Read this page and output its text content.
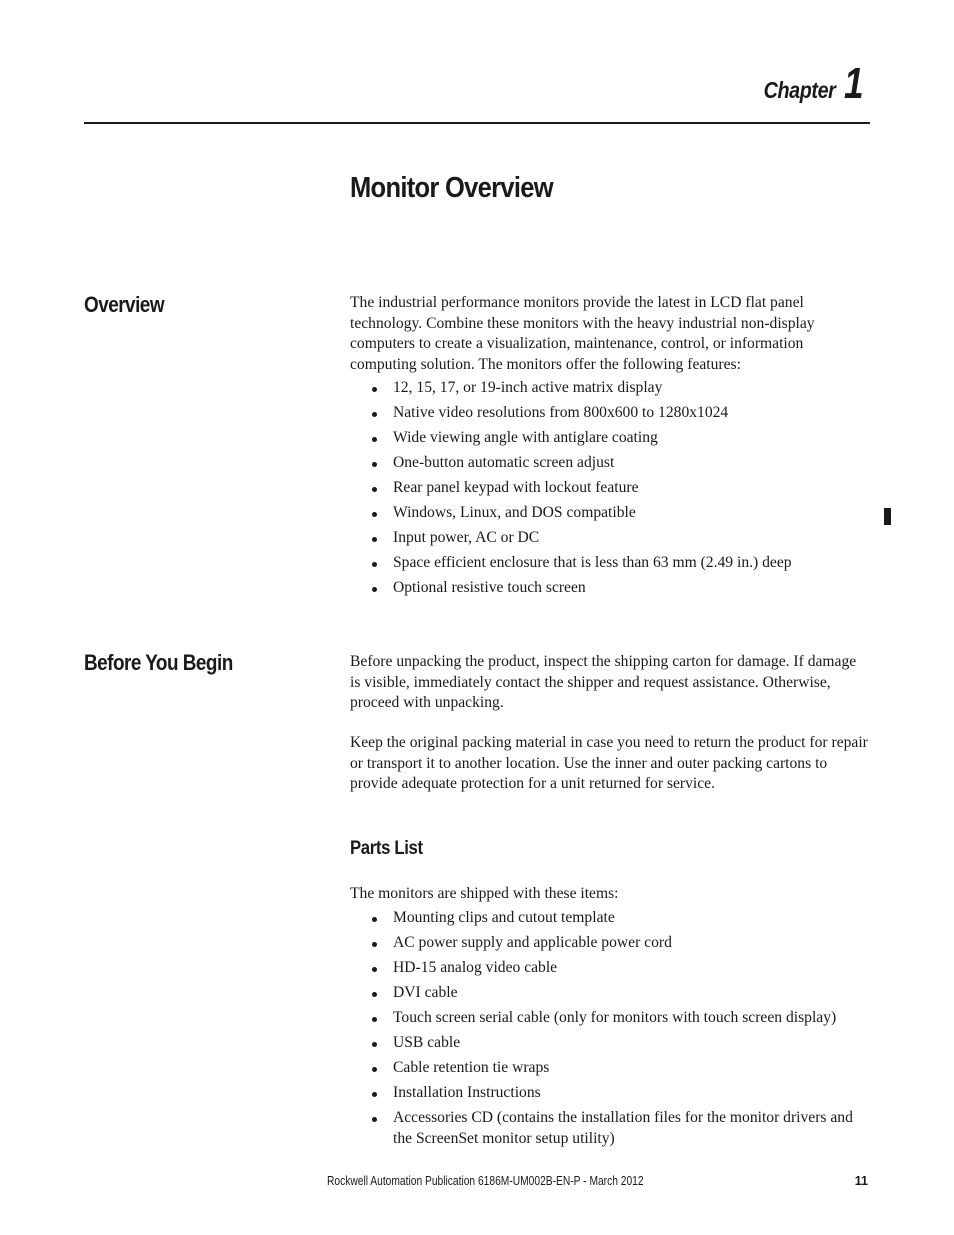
Chapter 1
Monitor Overview
Overview	The industrial performance monitors provide the latest in LCD flat panel technology. Combine these monitors with the heavy industrial non-display computers to create a visualization, maintenance, control, or information computing solution. The monitors offer the following features:

12, 15, 17, or 19-inch active matrix display
Native video resolutions from 800x600 to 1280x1024
Wide viewing angle with antiglare coating
One-button automatic screen adjust
Rear panel keypad with lockout feature
Windows, Linux, and DOS compatible
Input power, AC or DC
Space efficient enclosure that is less than 63 mm (2.49 in.) deep
Optional resistive touch screen
Before You Begin	Before unpacking the product, inspect the shipping carton for damage. If damage is visible, immediately contact the shipper and request assistance. Otherwise, proceed with unpacking.

Keep the original packing material in case you need to return the product for repair or transport it to another location. Use the inner and outer packing cartons to provide adequate protection for a unit returned for service.

Parts List

The monitors are shipped with these items:

Mounting clips and cutout template
AC power supply and applicable power cord
HD-15 analog video cable
DVI cable
Touch screen serial cable (only for monitors with touch screen display)
USB cable
Cable retention tie wraps
Installation Instructions
Accessories CD (contains the installation files for the monitor drivers and the ScreenSet monitor setup utility)
Rockwell Automation Publication 6186M-UM002B-EN-P - March 2012	11
